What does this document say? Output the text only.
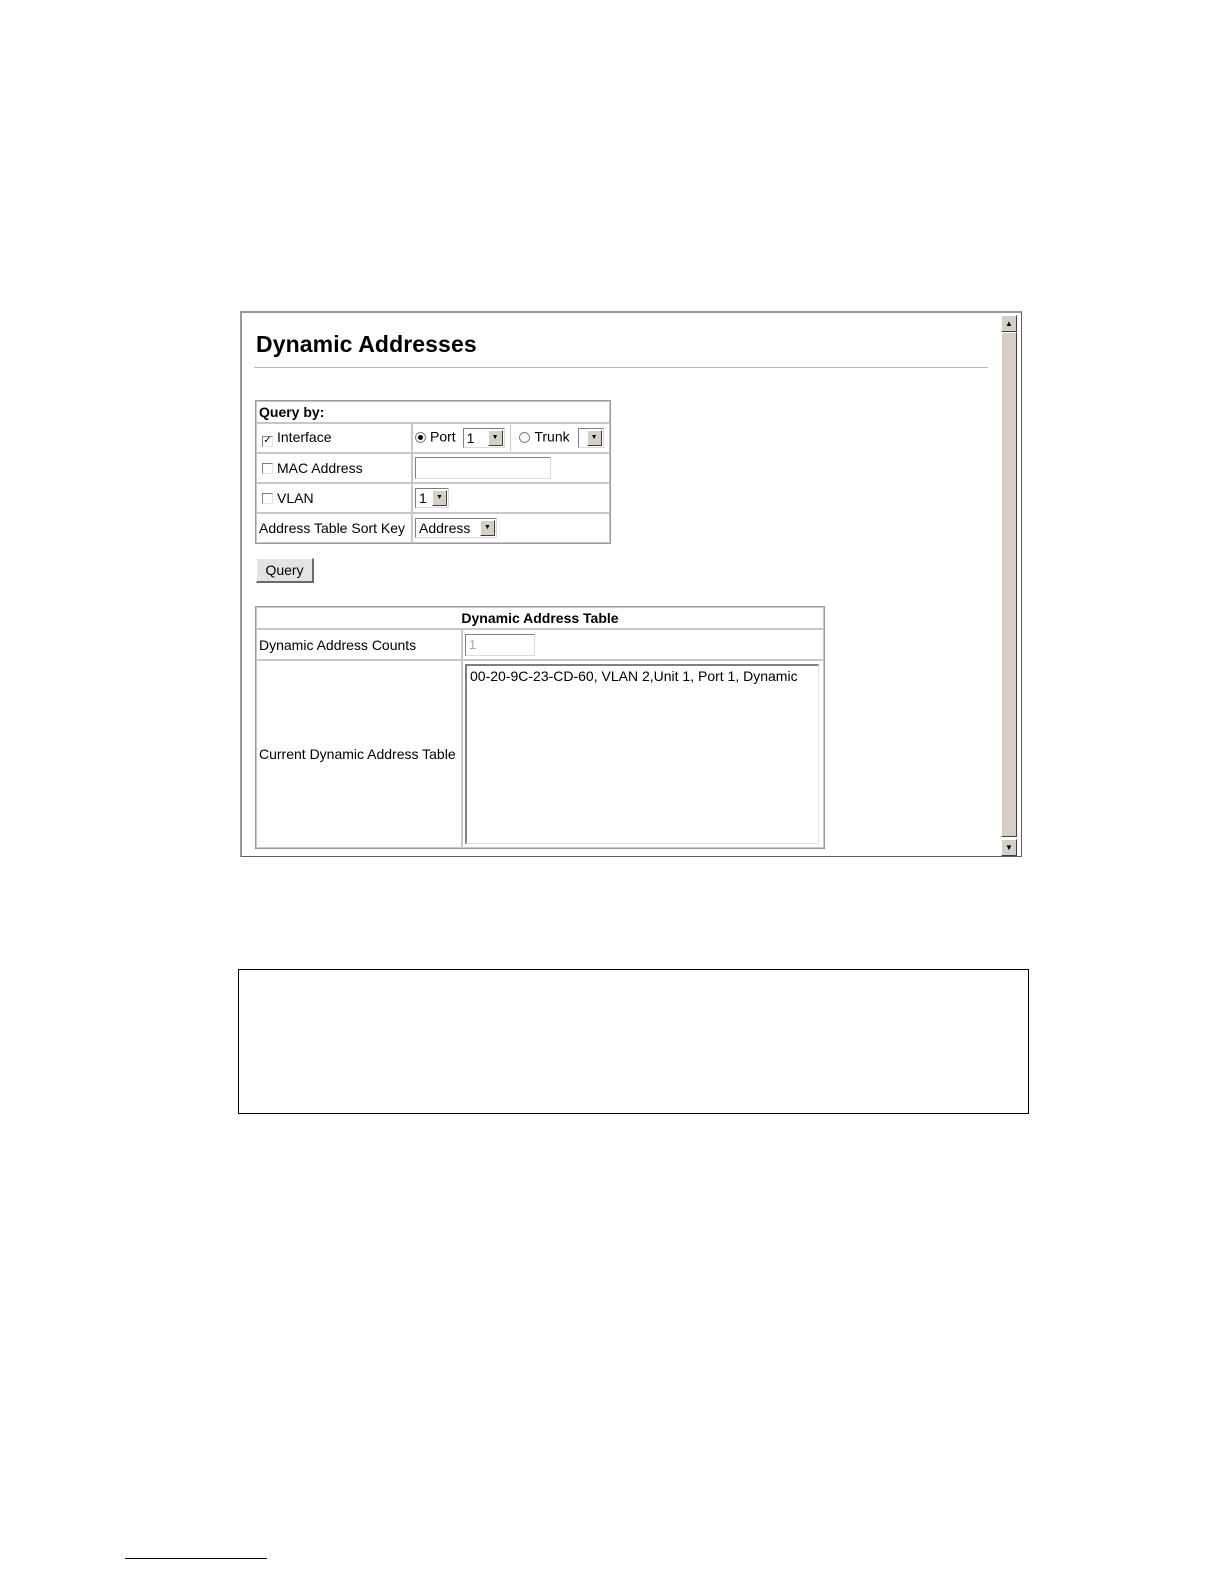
Dynamic Addresses
Query by:	
✓ Interface	Port 1 ▼ Trunk ▼

MAC Address	
VLAN	1 ▼

Address Table Sort Key	Address ▼
Query
Dynamic Address Table	
Dynamic Address Counts	1
Current Dynamic Address Table	00-20-9C-23-CD-60, VLAN 2,Unit 1, Port 1, Dynamic
▲
▼
